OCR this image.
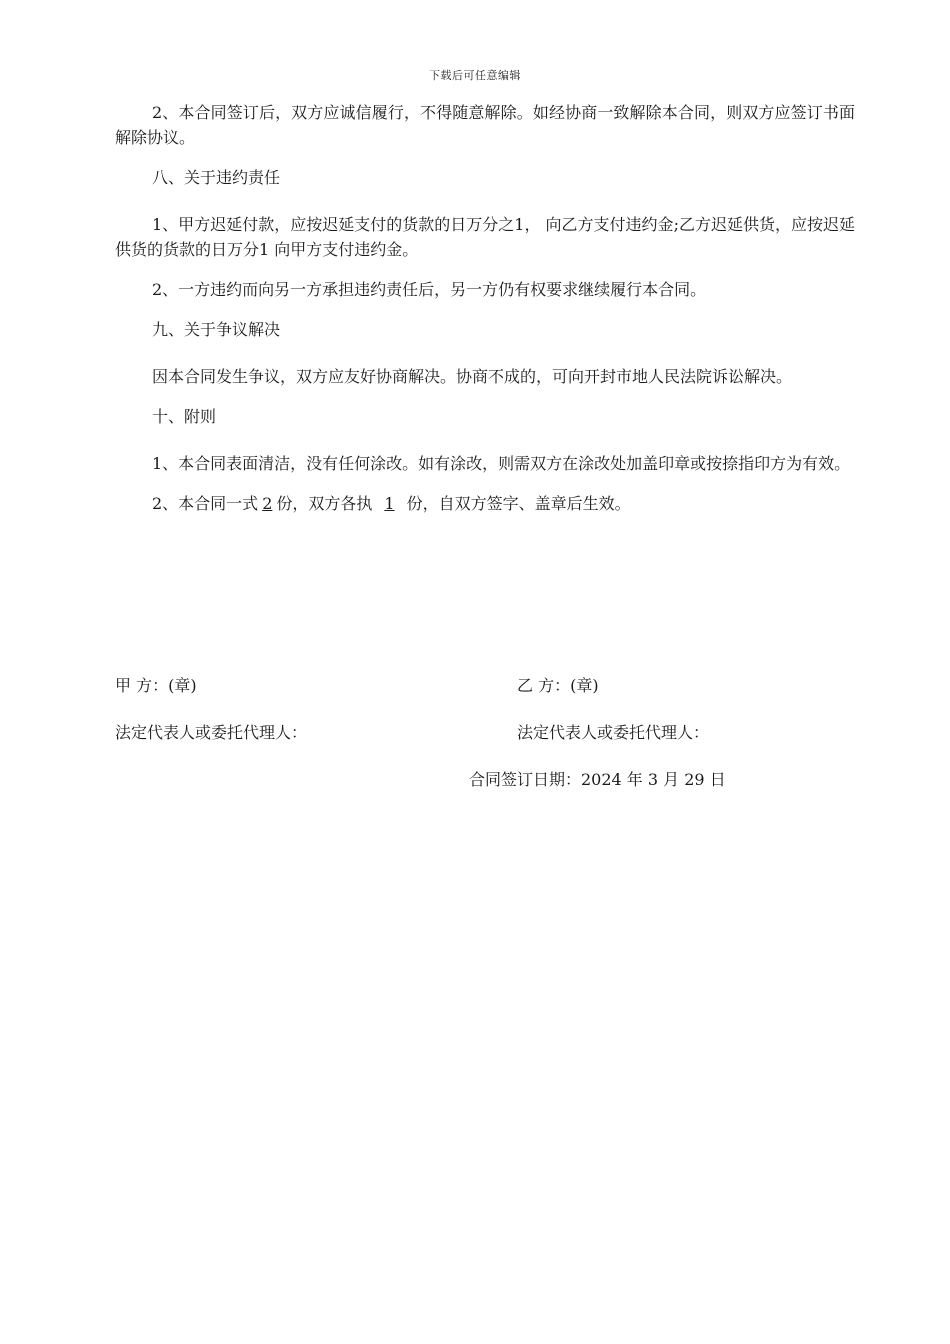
下载后可任意编辑

2、本合同签订后，双方应诚信履行，不得随意解除。如经协商一致解除本合同，则双方应签订书面解除协议。

八、关于违约责任

1、甲方迟延付款，应按迟延支付的货款的日万分之1， 向乙方支付违约金;乙方迟延供货，应按迟延供货的货款的日万分1 向甲方支付违约金。

2、一方违约而向另一方承担违约责任后，另一方仍有权要求继续履行本合同。

九、关于争议解决

因本合同发生争议，双方应友好协商解决。协商不成的，可向开封市地人民法院诉讼解决。

十、附则

1、本合同表面清洁，没有任何涂改。如有涂改，则需双方在涂改处加盖印章或按捺指印方为有效。

2、本合同一式 2 份，双方各执 1 份，自双方签字、盖章后生效。

甲 方：(章)	乙 方：(章)
法定代表人或委托代理人：	法定代表人或委托代理人：
合同签订日期：2024 年 3 月 29 日
